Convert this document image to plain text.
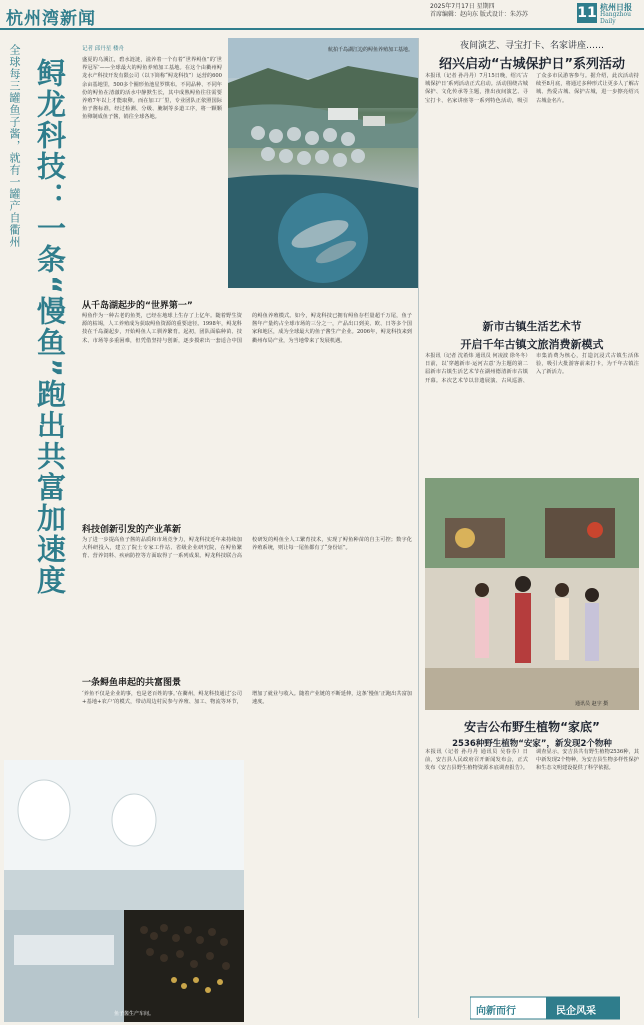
杭州湾新闻
2025年7月17日 星期四
首席编辑：赵向东 版式设计：朱苏苏	11 杭州日报
Hangzhou Daily
全球每三罐鱼子酱，就有一罐产自衢州 鲟龙科技：一条“慢鱼”跑出共富加速度
记者 邱丹星 楼舟
盛夏的乌溪江，碧水涟涟，滋养着一个有着“世界鲟鱼”的‘世界冠军’——全球最大的鲟鱼养殖加工基地。在这个由衢州鲟龙水产科技开发有限公司（以下简称“鲟龙科技”）运营的600余亩基地里，500多个圈形鱼池星罗棋布。不同品种、不同年份的鲟鱼在清澈的活水中静默生长，其中成熟鲟鱼往往需要养殖7年以上才能取卵。而在加工厂里，专业团队正依照国际鱼子酱标准，经过检测、分级、腌制等多道工序，将一颗颗鱼卵制成鱼子酱，销往全球各地。
航拍千岛湖江边的鲟鱼养殖加工基地。
从千岛湖起步的“世界第一”
鲟鱼作为一种古老的鱼类，已经在地球上生存了上亿年。随着野生资源的枯竭，人工养殖成为获取鲟鱼资源的重要途径。1998年，鲟龙科技在千岛湖起步，开始鲟鱼人工驯养繁育。起初，团队面临种苗、技术、市场等多重困难，但凭借坚持与创新，逐步摸索出一套适合中国的鲟鱼养殖模式。如今，鲟龙科技已拥有鲟鱼存栏量超千万尾，鱼子酱年产量约占全球市场的三分之一，产品出口到美、欧、日等多个国家和地区，成为全球最大的鱼子酱生产企业。2006年，鲟龙科技来到衢州布局产业，为当地带来了发展机遇。
科技创新引发的产业革新
为了进一步提高鱼子酱的品质和市场竞争力，鲟龙科技近年来持续加大科研投入，建立了院士专家工作站、省级企业研究院，在鲟鱼繁育、营养饲料、疾病防控等方面取得了一系列成果。鲟龙科技联合高校研发的鲟鱼全人工繁育技术，实现了鲟鱼种苗的自主可控；数字化养殖系统，则让每一尾鱼都有了“身份证”。
一条鲟鱼串起的共富图景
‘养鱼不仅是企业的事，也是老百姓的事。’在衢州，鲟龙科技通过‘公司+基地+农户’的模式，带动周边村民参与养殖、加工、物流等环节，增加了就业与收入。随着产业链的不断延伸，这条‘慢鱼’正跑出共富加速度。
鱼子酱生产车间。
夜间演艺、寻宝打卡、名家讲座……
绍兴启动“古城保护日”系列活动
本报讯（记者 孙丹丹）7月15日晚，绍兴‘古城保护日’系列活动正式启动。活动围绕古城保护、文化传承等主题，推出夜间演艺、寻宝打卡、名家讲座等一系列特色活动，吸引了众多市民游客参与。据介绍，此次活动持续至8月底，将通过多种形式让更多人了解古城、热爱古城、保护古城，进一步擦亮绍兴古城金名片。
新市古镇生活艺术节
开启千年古镇文旅消费新模式
本报讯（记者 沈希炜 通讯员 何凌波 徐冬冬）日前，以‘穿越新市·运河古意’为主题的第二届新市古镇生活艺术节在湖州德清新市古镇开幕。本次艺术节以非遗展演、古风巡游、市集消费为核心，打造沉浸式古镇生活体验，吸引大批游客前来打卡，为千年古镇注入了新活力。
通讯员 赵宇 摄
安吉公布野生植物“家底”
2536种野生植物“安家”，新发现2个物种
本报讯（记者 孙丹丹 通讯员 吴春芬）日前，安吉县人民政府召开新闻发布会，正式发布《安吉县野生植物资源本底调查报告》。调查显示，安吉县共有野生植物2536种，其中新发现2个物种，为安吉县生物多样性保护和生态文明建设提供了科学依据。
向新而行	民企风采
